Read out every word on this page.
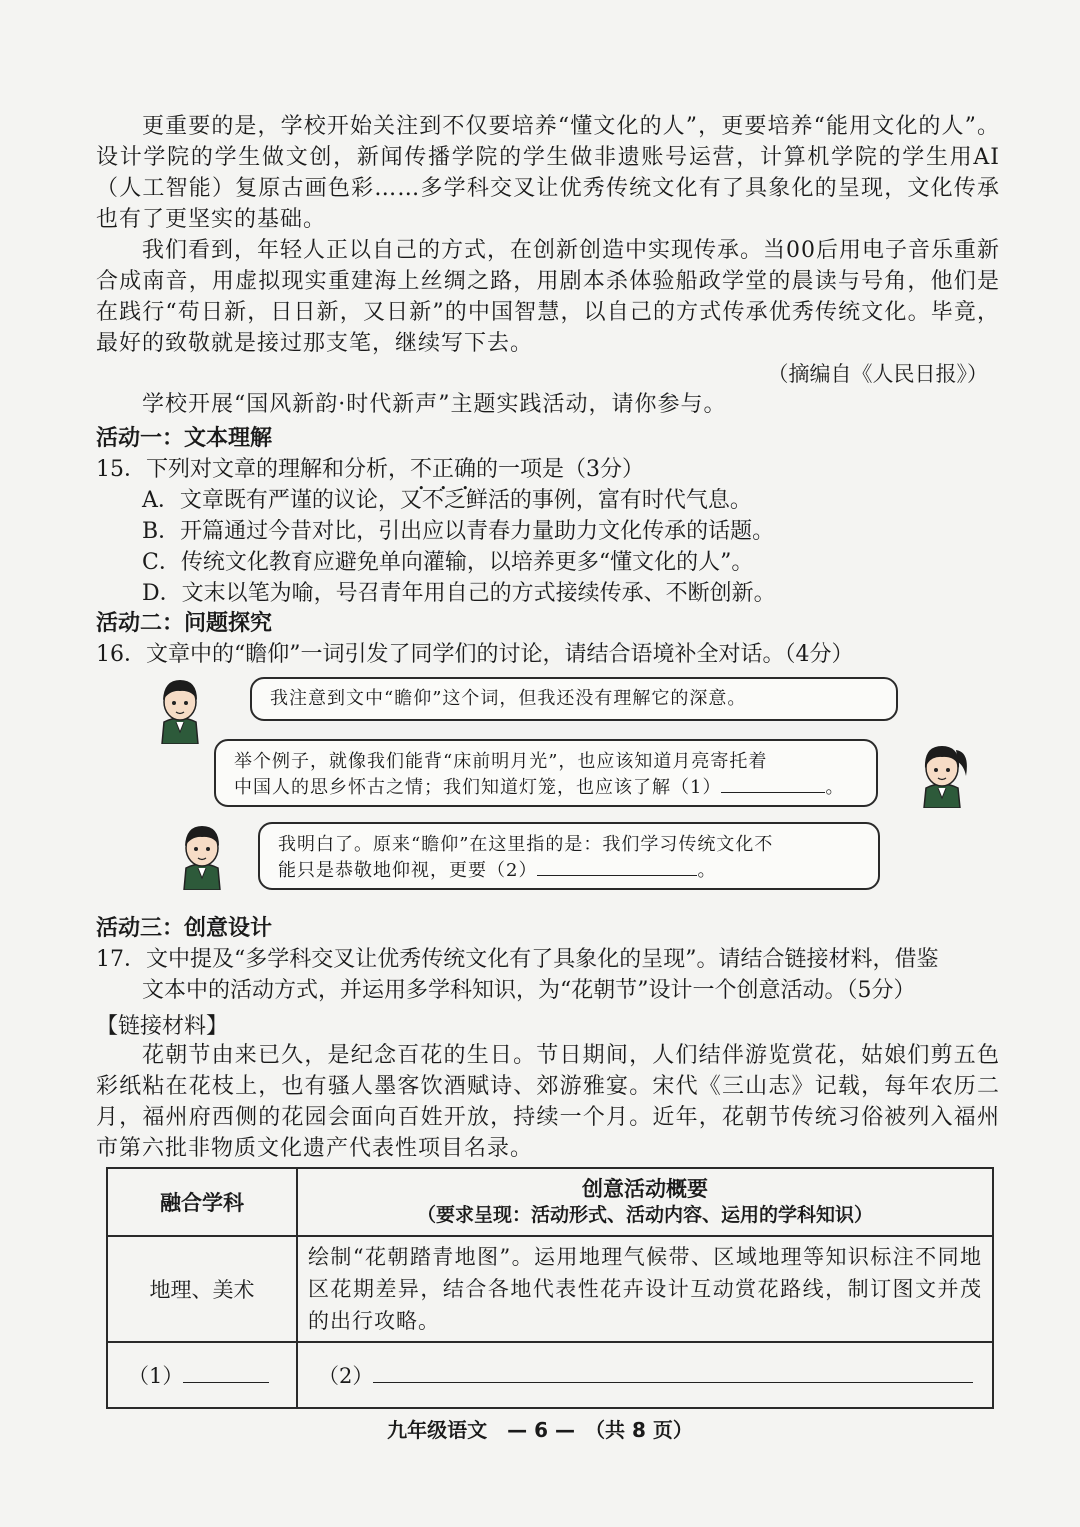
更重要的是，学校开始关注到不仅要培养“懂文化的人”，更要培养“能用文化的人”。设计学院的学生做文创，新闻传播学院的学生做非遗账号运营，计算机学院的学生用AI（人工智能）复原古画色彩……多学科交叉让优秀传统文化有了具象化的呈现，文化传承也有了更坚实的基础。

我们看到，年轻人正以自己的方式，在创新创造中实现传承。当00后用电子音乐重新合成南音，用虚拟现实重建海上丝绸之路，用剧本杀体验船政学堂的晨读与号角，他们是在践行“苟日新，日日新，又日新”的中国智慧，以自己的方式传承优秀传统文化。毕竟，最好的致敬就是接过那支笔，继续写下去。

（摘编自《人民日报》）

学校开展“国风新韵·时代新声”主题实践活动，请你参与。

活动一：文本理解
15．下列对文章的理解和分析，不正确的一项是（3分）
A．文章既有严谨的议论，又不乏鲜活的事例，富有时代气息。
B．开篇通过今昔对比，引出应以青春力量助力文化传承的话题。
C．传统文化教育应避免单向灌输，以培养更多“懂文化的人”。
D．文末以笔为喻，号召青年用自己的方式接续传承、不断创新。
活动二：问题探究
16．文章中的“瞻仰”一词引发了同学们的讨论，请结合语境补全对话。（4分）
我注意到文中“瞻仰”这个词，但我还没有理解它的深意。
举个例子，就像我们能背“床前明月光”，也应该知道月亮寄托着
中国人的思乡怀古之情；我们知道灯笼，也应该了解（1）	。
我明白了。原来“瞻仰”在这里指的是：我们学习传统文化不
能只是恭敬地仰视，更要（2）	。
活动三：创意设计
17．文中提及“多学科交叉让优秀传统文化有了具象化的呈现”。请结合链接材料，借鉴
文本中的活动方式，并运用多学科知识，为“花朝节”设计一个创意活动。（5分）
【链接材料】

花朝节由来已久，是纪念百花的生日。节日期间，人们结伴游览赏花，姑娘们剪五色彩纸粘在花枝上，也有骚人墨客饮酒赋诗、郊游雅宴。宋代《三山志》记载，每年农历二月，福州府西侧的花园会面向百姓开放，持续一个月。近年，花朝节传统习俗被列入福州市第六批非物质文化遗产代表性项目名录。

融合学科	创意活动概要
（要求呈现：活动形式、活动内容、运用的学科知识）

地理、美术	绘制“花朝踏青地图”。运用地理气候带、区域地理等知识标注不同地区花期差异，结合各地代表性花卉设计互动赏花路线，制订图文并茂的出行攻略。
（1）	（2）
九年级语文　— 6 —　（共 8 页）
